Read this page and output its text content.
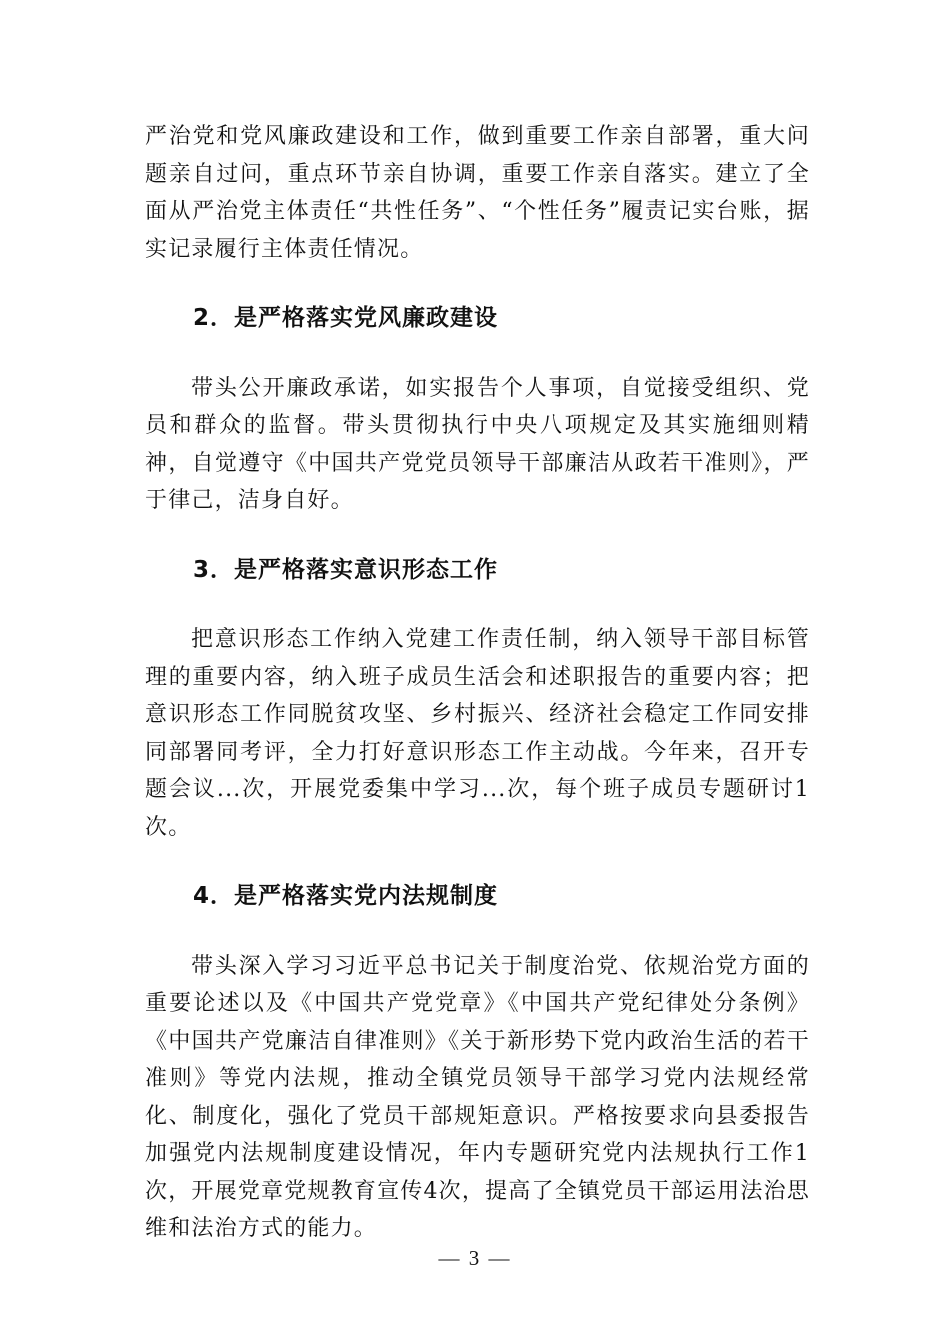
严治党和党风廉政建设和工作，做到重要工作亲自部署，重大问题亲自过问，重点环节亲自协调，重要工作亲自落实。建立了全面从严治党主体责任“共性任务”、“个性任务”履责记实台账，据实记录履行主体责任情况。

2．是严格落实党风廉政建设

带头公开廉政承诺，如实报告个人事项，自觉接受组织、党员和群众的监督。带头贯彻执行中央八项规定及其实施细则精神，自觉遵守《中国共产党党员领导干部廉洁从政若干准则》，严于律己，洁身自好。

3．是严格落实意识形态工作

把意识形态工作纳入党建工作责任制，纳入领导干部目标管理的重要内容，纳入班子成员生活会和述职报告的重要内容；把意识形态工作同脱贫攻坚、乡村振兴、经济社会稳定工作同安排同部署同考评，全力打好意识形态工作主动战。今年来，召开专题会议...次，开展党委集中学习...次，每个班子成员专题研讨1次。

4．是严格落实党内法规制度

带头深入学习习近平总书记关于制度治党、依规治党方面的重要论述以及《中国共产党党章》《中国共产党纪律处分条例》《中国共产党廉洁自律准则》《关于新形势下党内政治生活的若干准则》等党内法规，推动全镇党员领导干部学习党内法规经常化、制度化，强化了党员干部规矩意识。严格按要求向县委报告加强党内法规制度建设情况，年内专题研究党内法规执行工作1次，开展党章党规教育宣传4次，提高了全镇党员干部运用法治思维和法治方式的能力。

— 3 —
